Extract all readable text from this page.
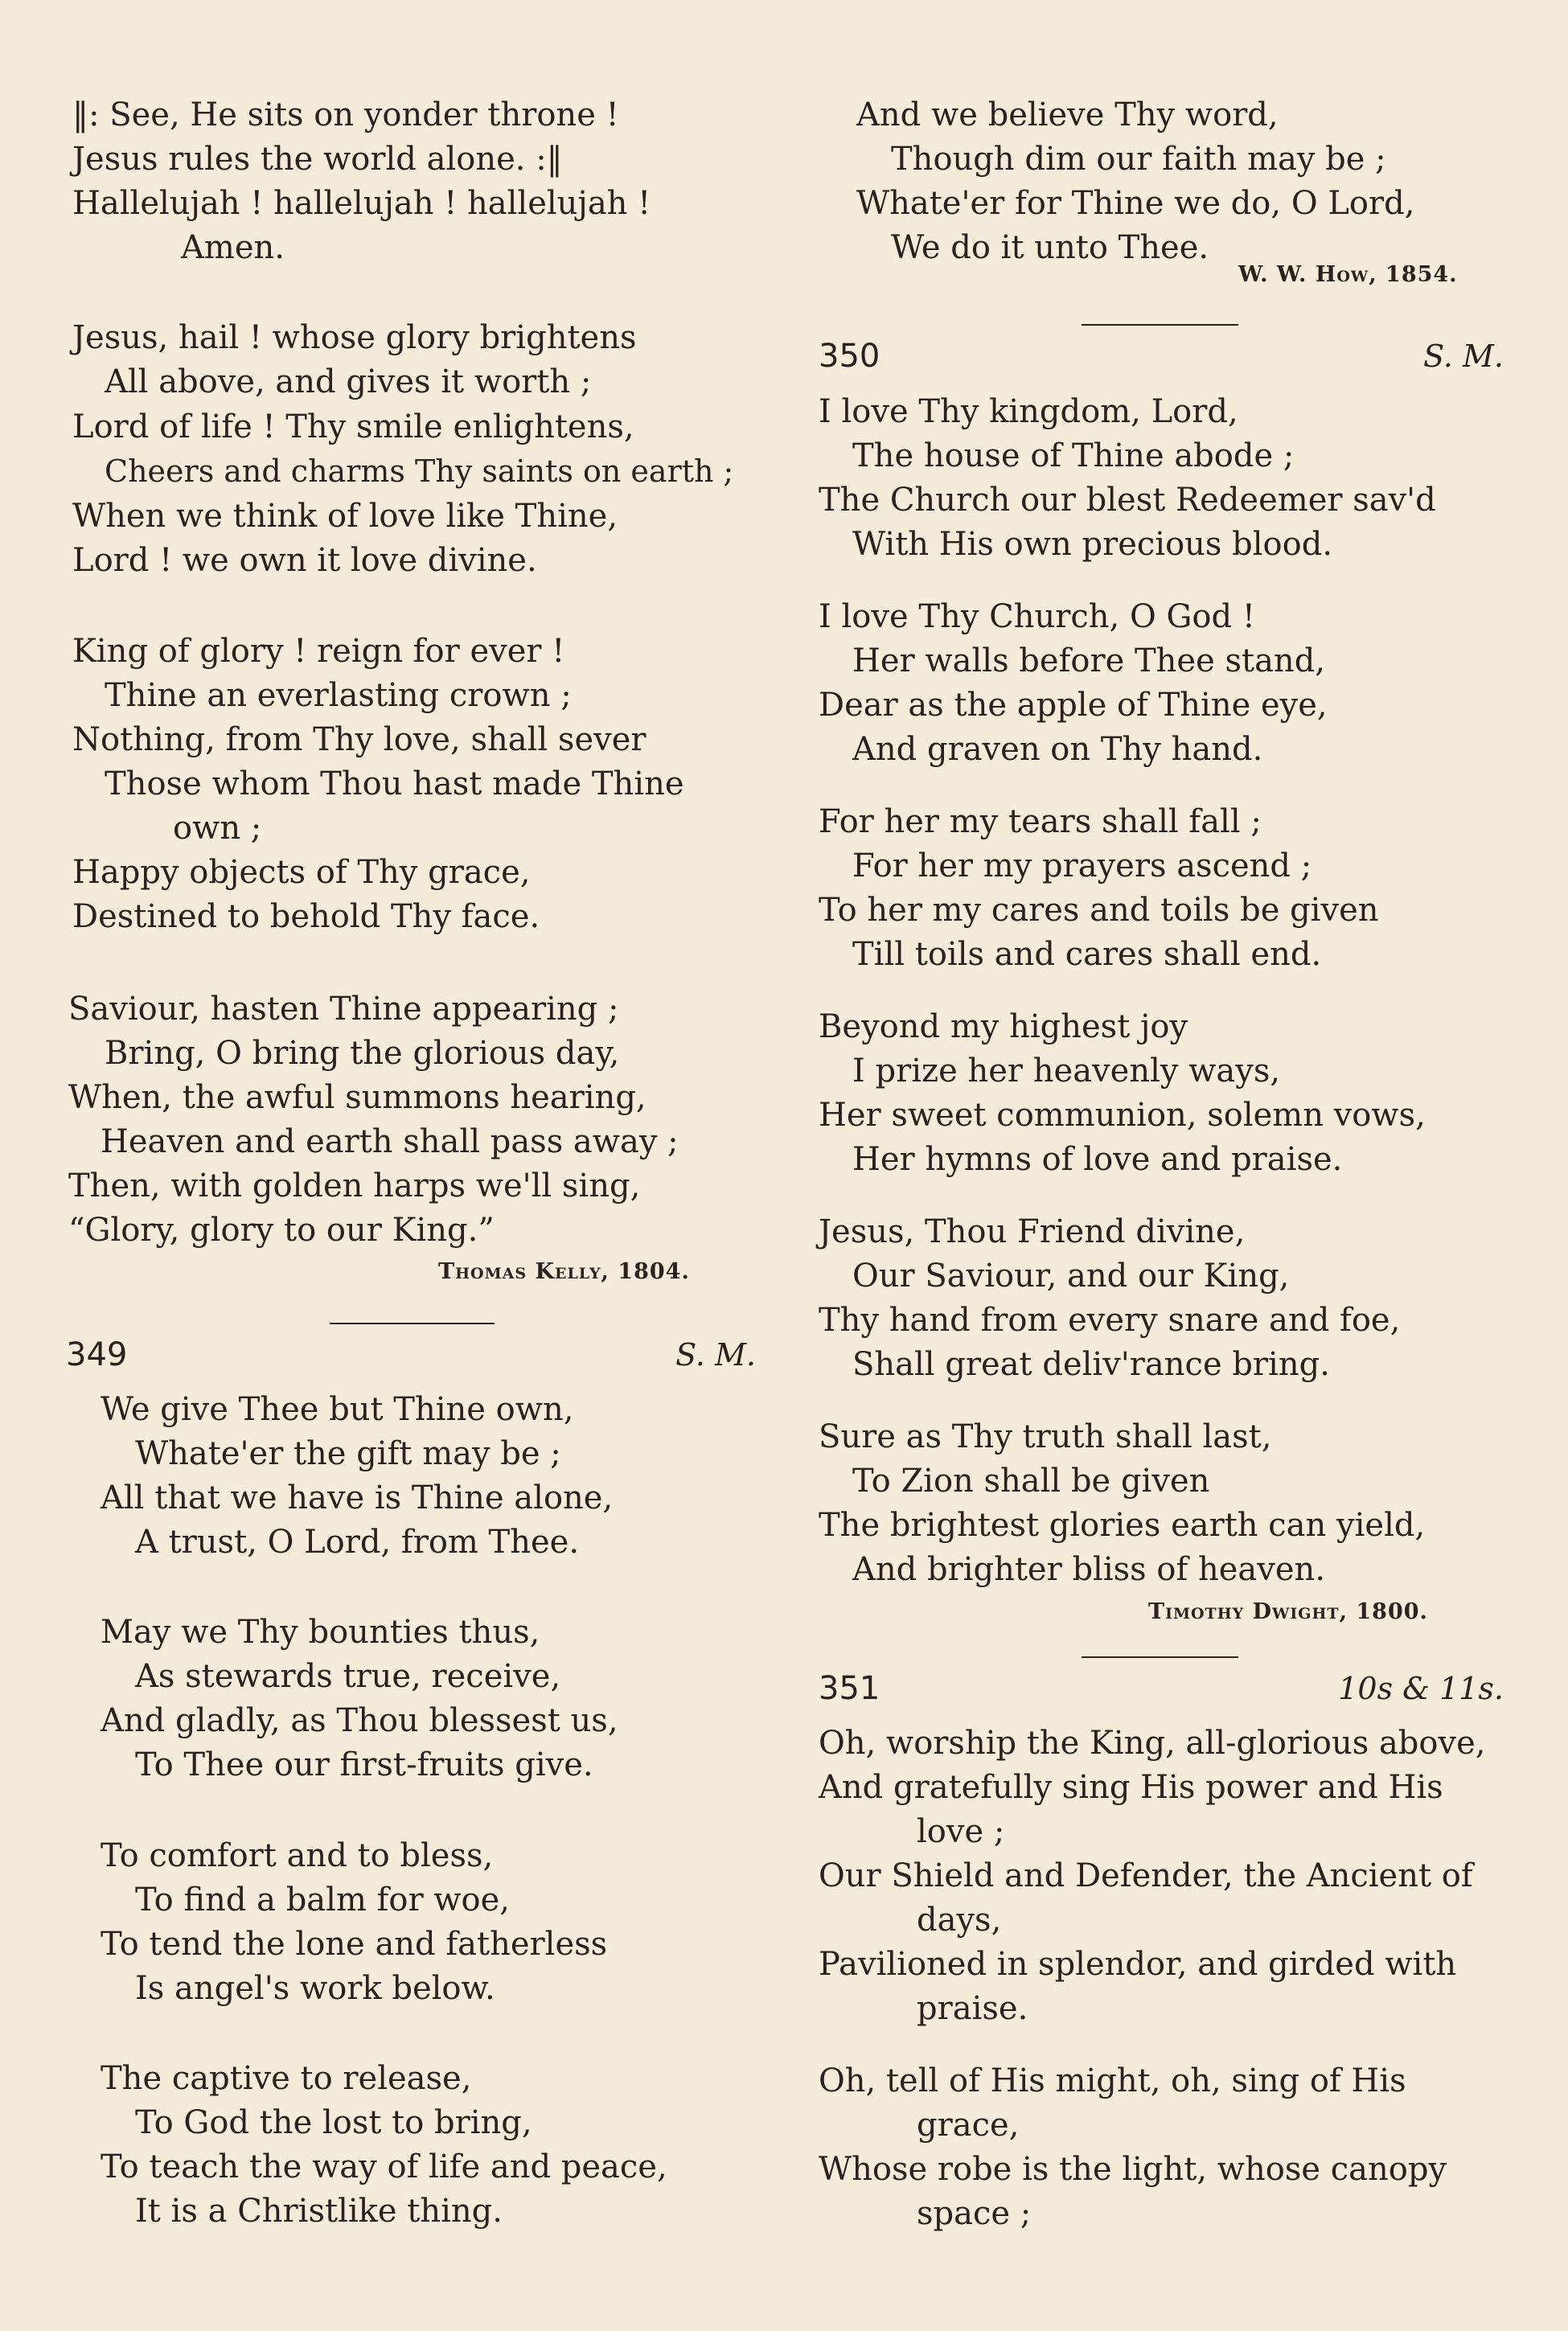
‖: See, He sits on yonder throne !
Jesus rules the world alone. :‖
Hallelujah ! hallelujah ! hallelujah !
Amen.
Jesus, hail ! whose glory brightens
All above, and gives it worth ;
Lord of life ! Thy smile enlightens,
Cheers and charms Thy saints on earth ;
When we think of love like Thine,
Lord ! we own it love divine.
King of glory ! reign for ever !
Thine an everlasting crown ;
Nothing, from Thy love, shall sever
Those whom Thou hast made Thine
own ;
Happy objects of Thy grace,
Destined to behold Thy face.
Saviour, hasten Thine appearing ;
Bring, O bring the glorious day,
When, the awful summons hearing,
Heaven and earth shall pass away ;
Then, with golden harps we'll sing,
“Glory, glory to our King.”
Thomas Kelly, 1804.
349	S. M.
We give Thee but Thine own,
Whate'er the gift may be ;
All that we have is Thine alone,
A trust, O Lord, from Thee.
May we Thy bounties thus,
As stewards true, receive,
And gladly, as Thou blessest us,
To Thee our first-fruits give.
To comfort and to bless,
To find a balm for woe,
To tend the lone and fatherless
Is angel's work below.
The captive to release,
To God the lost to bring,
To teach the way of life and peace,
It is a Christlike thing.
And we believe Thy word,
Though dim our faith may be ;
Whate'er for Thine we do, O Lord,
We do it unto Thee.
W. W. How, 1854.
350	S. M.
I love Thy kingdom, Lord,
The house of Thine abode ;
The Church our blest Redeemer sav'd
With His own precious blood.
I love Thy Church, O God !
Her walls before Thee stand,
Dear as the apple of Thine eye,
And graven on Thy hand.
For her my tears shall fall ;
For her my prayers ascend ;
To her my cares and toils be given
Till toils and cares shall end.
Beyond my highest joy
I prize her heavenly ways,
Her sweet communion, solemn vows,
Her hymns of love and praise.
Jesus, Thou Friend divine,
Our Saviour, and our King,
Thy hand from every snare and foe,
Shall great deliv'rance bring.
Sure as Thy truth shall last,
To Zion shall be given
The brightest glories earth can yield,
And brighter bliss of heaven.
Timothy Dwight, 1800.
351	10s & 11s.
Oh, worship the King, all-glorious above,
And gratefully sing His power and His
love ;
Our Shield and Defender, the Ancient of
days,
Pavilioned in splendor, and girded with
praise.
Oh, tell of His might, oh, sing of His
grace,
Whose robe is the light, whose canopy
space ;
